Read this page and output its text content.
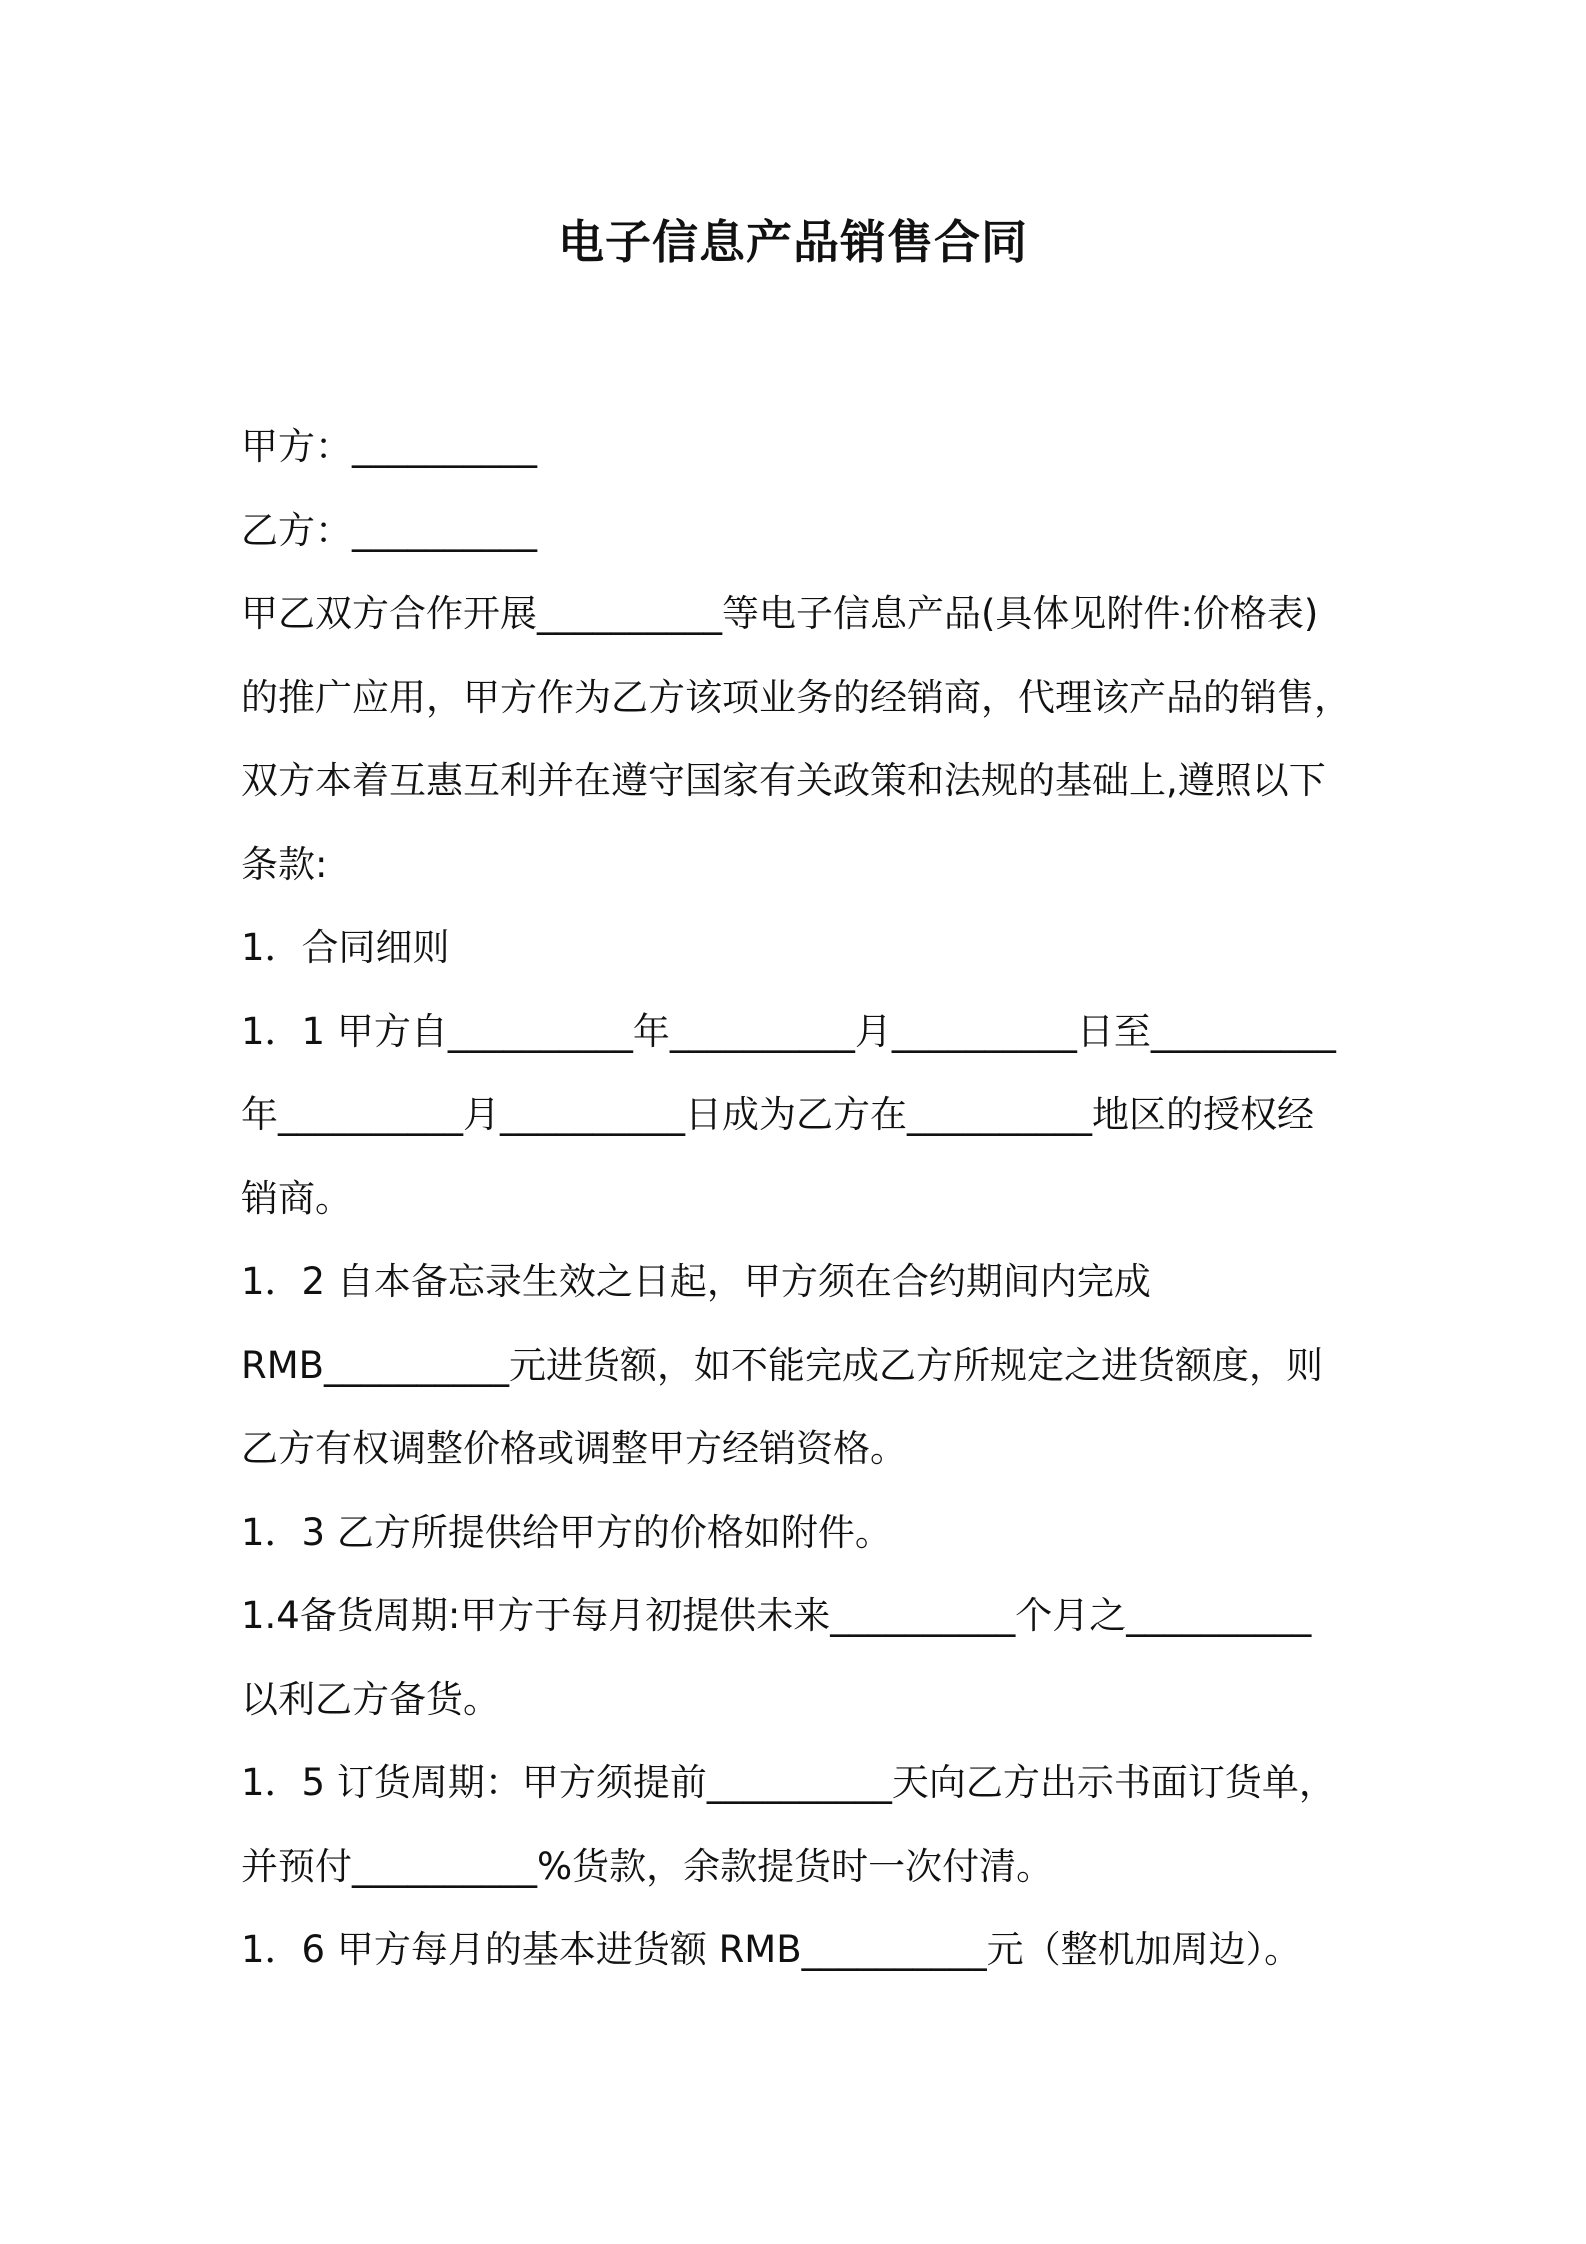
电子信息产品销售合同
甲方：__________
乙方：__________
甲乙双方合作开展__________等电子信息产品(具体见附件:价格表)
的推广应用，甲方作为乙方该项业务的经销商，代理该产品的销售，
双方本着互惠互利并在遵守国家有关政策和法规的基础上,遵照以下
条款:
1．合同细则
1．1 甲方自__________年__________月__________日至__________
年__________月__________日成为乙方在__________地区的授权经
销商。
1．2 自本备忘录生效之日起，甲方须在合约期间内完成
RMB__________元进货额，如不能完成乙方所规定之进货额度，则
乙方有权调整价格或调整甲方经销资格。
1．3 乙方所提供给甲方的价格如附件。
1.4备货周期:甲方于每月初提供未来__________个月之__________
以利乙方备货。
1．5 订货周期：甲方须提前__________天向乙方出示书面订货单，
并预付__________%货款，余款提货时一次付清。
1．6 甲方每月的基本进货额 RMB__________元（整机加周边）。
